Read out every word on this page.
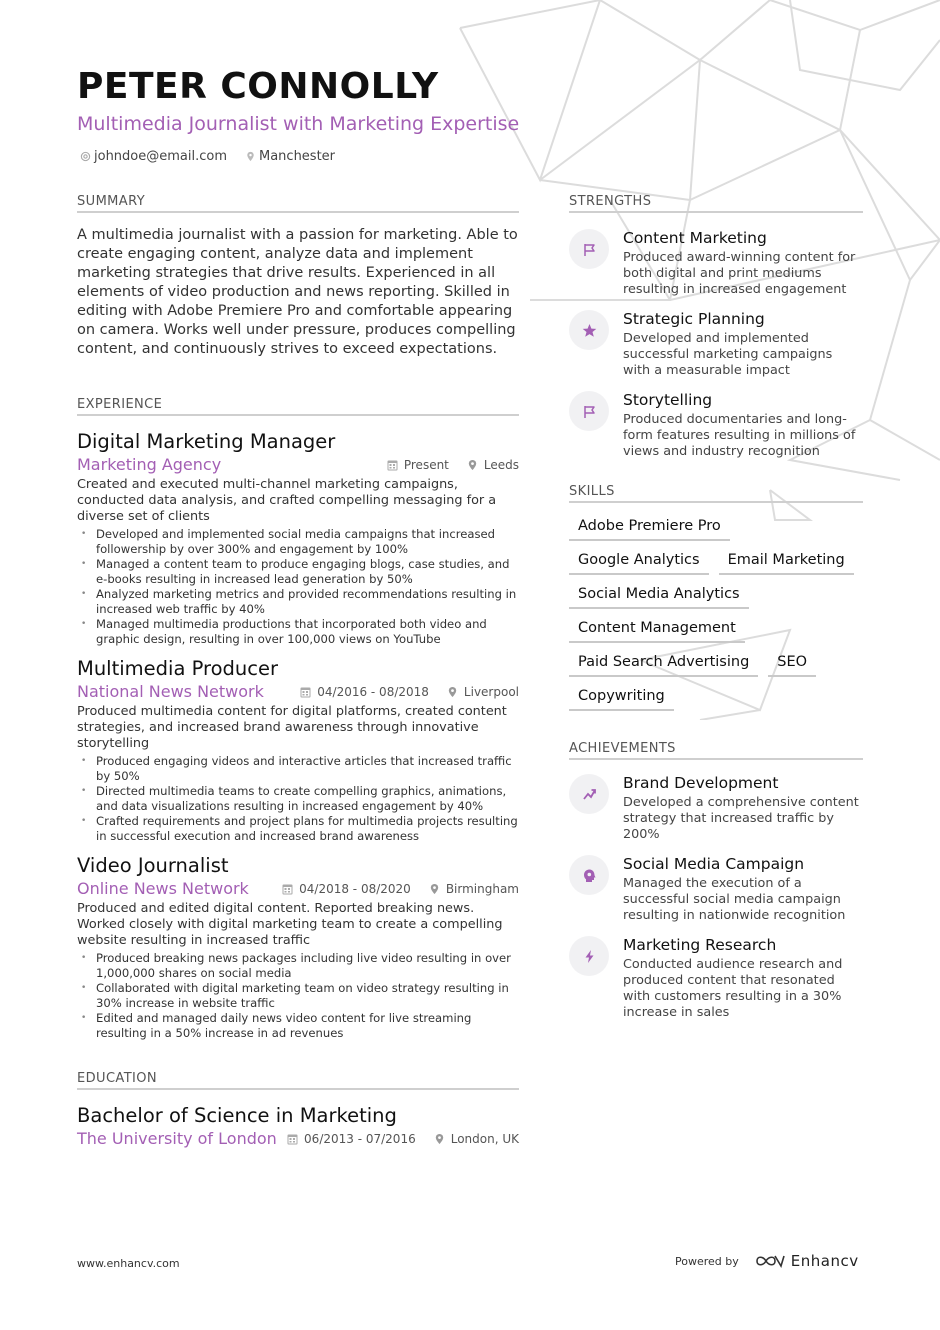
PETER CONNOLLY
Multimedia Journalist with Marketing Expertise
johndoe@email.com Manchester
SUMMARY

A multimedia journalist with a passion for marketing. Able to create engaging content, analyze data and implement marketing strategies that drive results. Experienced in all elements of video production and news reporting. Skilled in editing with Adobe Premiere Pro and comfortable appearing on camera. Works well under pressure, produces compelling content, and continuously strives to exceed expectations.

EXPERIENCE
Digital Marketing Manager
Marketing Agency	Present	Leeds

Created and executed multi-channel marketing campaigns, conducted data analysis, and crafted compelling messaging for a diverse set of clients

• Developed and implemented social media campaigns that increased followership by over 300% and engagement by 100%
• Managed a content team to produce engaging blogs, case studies, and e-books resulting in increased lead generation by 50%
• Analyzed marketing metrics and provided recommendations resulting in increased web traffic by 40%
• Managed multimedia productions that incorporated both video and graphic design, resulting in over 100,000 views on YouTube
Multimedia Producer
National News Network	04/2016 - 08/2018	Liverpool

Produced multimedia content for digital platforms, created content strategies, and increased brand awareness through innovative storytelling

• Produced engaging videos and interactive articles that increased traffic by 50%
• Directed multimedia teams to create compelling graphics, animations, and data visualizations resulting in increased engagement by 40%
• Crafted requirements and project plans for multimedia projects resulting in successful execution and increased brand awareness
Video Journalist
Online News Network	04/2018 - 08/2020	Birmingham

Produced and edited digital content. Reported breaking news. Worked closely with digital marketing team to create a compelling website resulting in increased traffic

• Produced breaking news packages including live video resulting in over 1,000,000 shares on social media
• Collaborated with digital marketing team on video strategy resulting in 30% increase in website traffic
• Edited and managed daily news video content for live streaming resulting in a 50% increase in ad revenues
EDUCATION
Bachelor of Science in Marketing
The University of London 06/2013 - 07/2016	London, UK
STRENGTHS
Content Marketing

Produced award-winning content for both digital and print mediums resulting in increased engagement

Strategic Planning

Developed and implemented successful marketing campaigns with a measurable impact

Storytelling

Produced documentaries and long-form features resulting in millions of views and industry recognition

SKILLS
Adobe Premiere Pro
Google Analytics	Email Marketing
Social Media Analytics
Content Management
Paid Search Advertising	SEO
Copywriting
ACHIEVEMENTS
Brand Development

Developed a comprehensive content strategy that increased traffic by 200%

Social Media Campaign

Managed the execution of a successful social media campaign resulting in nationwide recognition

Marketing Research

Conducted audience research and produced content that resonated with customers resulting in a 30% increase in sales

www.enhancv.com	Powered by	Enhancv
